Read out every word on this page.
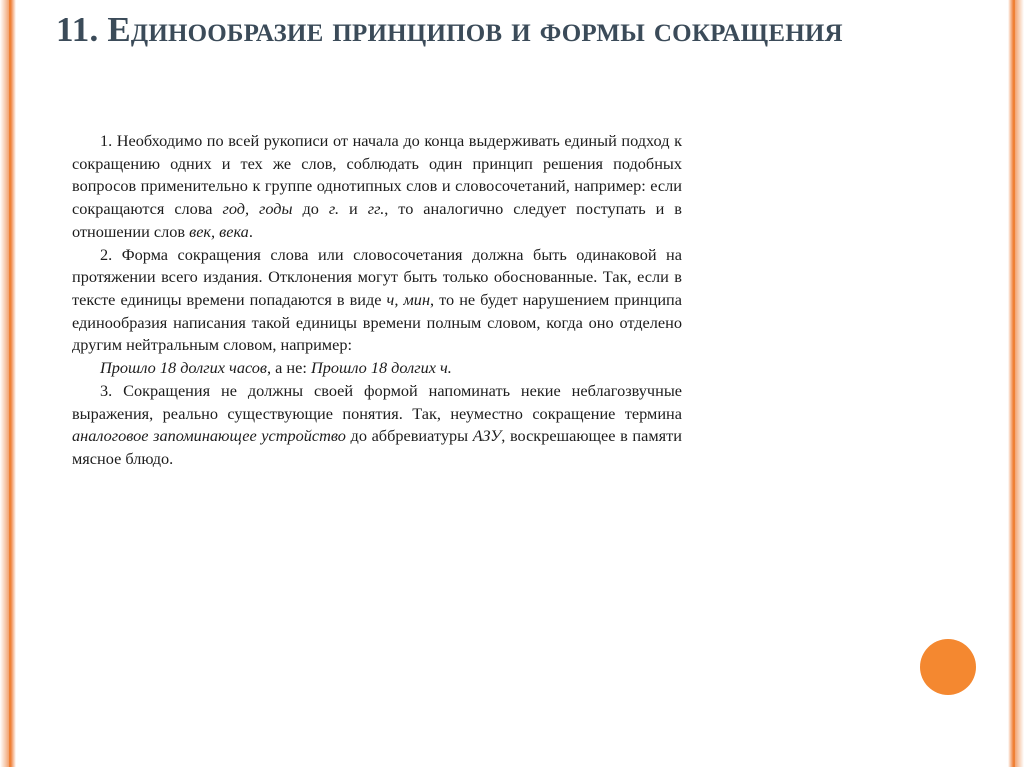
11. Единообразие принципов и формы сокращения

1. Необходимо по всей рукописи от начала до конца выдерживать единый подход к сокращению одних и тех же слов, соблюдать один принцип решения подобных вопросов применительно к группе однотипных слов и словосочетаний, например: если сокращаются слова год, годы до г. и гг., то аналогично следует поступать и в отношении слов век, века.

2. Форма сокращения слова или словосочетания должна быть одинаковой на протяжении всего издания. Отклонения могут быть только обоснованные. Так, если в тексте единицы времени попадаются в виде ч, мин, то не будет нарушением принципа единообразия написания такой единицы времени полным словом, когда оно отделено другим нейтральным словом, например:

Прошло 18 долгих часов, а не: Прошло 18 долгих ч.

3. Сокращения не должны своей формой напоминать некие неблагозвучные выражения, реально существующие понятия. Так, неуместно сокращение термина аналоговое запоминающее устройство до аббревиатуры АЗУ, воскрешающее в памяти мясное блюдо.
